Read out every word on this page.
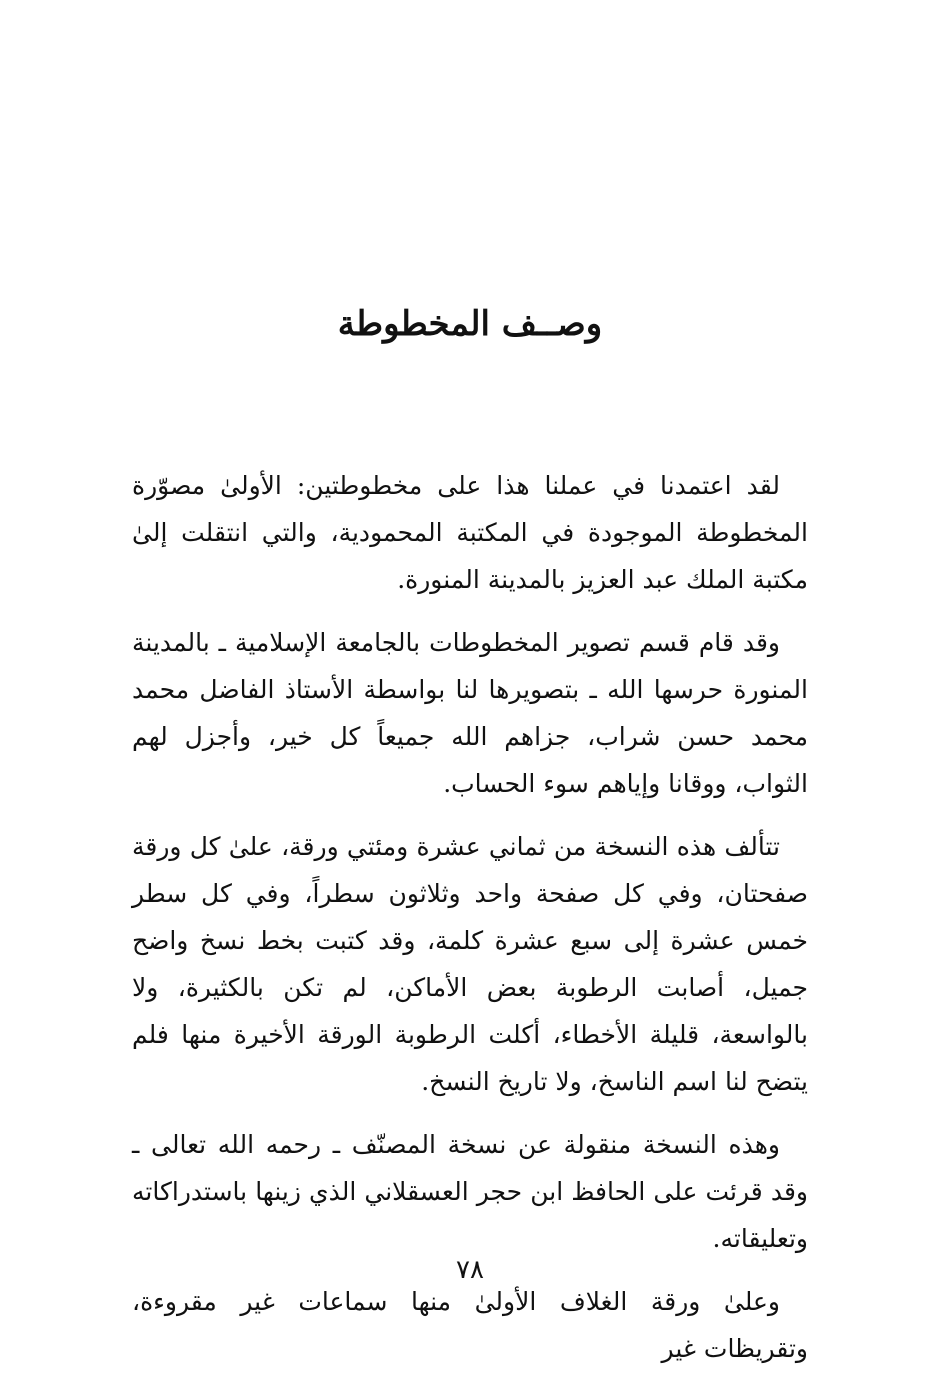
وصــف المخطوطة

لقد اعتمدنا في عملنا هذا على مخطوطتين: الأولىٰ مصوّرة المخطوطة الموجودة في المكتبة المحمودية، والتي انتقلت إلىٰ مكتبة الملك عبد العزيز بالمدينة المنورة.

وقد قام قسم تصوير المخطوطات بالجامعة الإسلامية ـ بالمدينة المنورة حرسها الله ـ بتصويرها لنا بواسطة الأستاذ الفاضل محمد محمد حسن شراب، جزاهم الله جميعاً كل خير، وأجزل لهم الثواب، ووقانا وإياهم سوء الحساب.

تتألف هذه النسخة من ثماني عشرة ومئتي ورقة، علىٰ كل ورقة صفحتان، وفي كل صفحة واحد وثلاثون سطراً، وفي كل سطر خمس عشرة إلى سبع عشرة كلمة، وقد كتبت بخط نسخ واضح جميل، أصابت الرطوبة بعض الأماكن، لم تكن بالكثيرة، ولا بالواسعة، قليلة الأخطاء، أكلت الرطوبة الورقة الأخيرة منها فلم يتضح لنا اسم الناسخ، ولا تاريخ النسخ.

وهذه النسخة منقولة عن نسخة المصنّف ـ رحمه الله تعالى ـ وقد قرئت على الحافظ ابن حجر العسقلاني الذي زينها باستدراكاته وتعليقاته.

وعلىٰ ورقة الغلاف الأولىٰ منها سماعات غير مقروءة، وتقريظات غير

٧٨
